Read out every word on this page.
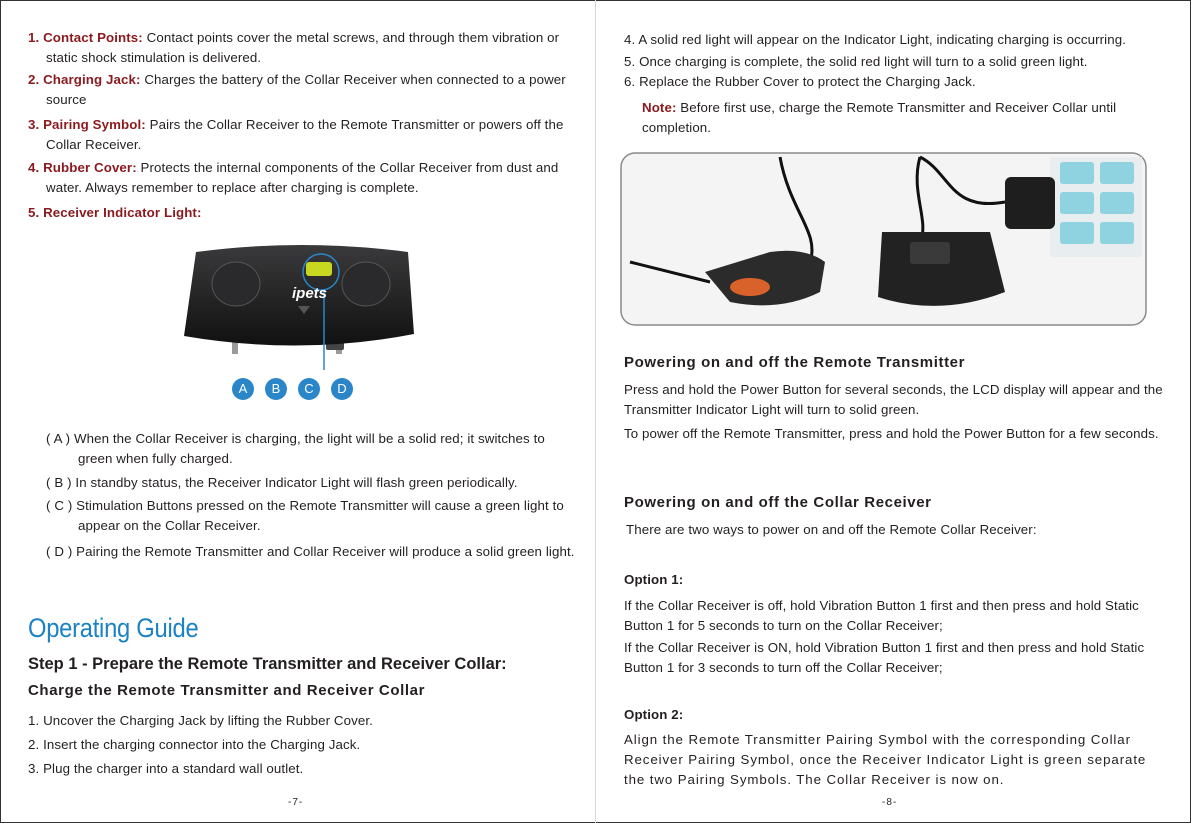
1. Contact Points: Contact points cover the metal screws, and through them vibration or static shock stimulation is delivered.
2. Charging Jack: Charges the battery of the Collar Receiver when connected to a power source
3. Pairing Symbol: Pairs the Collar Receiver to the Remote Transmitter or powers off the Collar Receiver.
4. Rubber Cover: Protects the internal components of the Collar Receiver from dust and water. Always remember to replace after charging is complete.
5. Receiver Indicator Light:
ipets
A B C D
( A ) When the Collar Receiver is charging, the light will be a solid red; it switches to green when fully charged.
( B ) In standby status, the Receiver Indicator Light will flash green periodically.
( C ) Stimulation Buttons pressed on the Remote Transmitter will cause a green light to appear on the Collar Receiver.
( D ) Pairing the Remote Transmitter and Collar Receiver will produce a solid green light.
Operating Guide
Step 1 - Prepare the Remote Transmitter and Receiver Collar:
Charge the Remote Transmitter and Receiver Collar
1. Uncover the Charging Jack by lifting the Rubber Cover.
2. Insert the charging connector into the Charging Jack.
3. Plug the charger into a standard wall outlet.
-7-
4. A solid red light will appear on the Indicator Light, indicating charging is occurring.
5. Once charging is complete, the solid red light will turn to a solid green light.
6. Replace the Rubber Cover to protect the Charging Jack.
Note: Before first use, charge the Remote Transmitter and Receiver Collar until completion.
Powering on and off the Remote Transmitter
Press and hold the Power Button for several seconds, the LCD display will appear and the Transmitter Indicator Light will turn to solid green.
To power off the Remote Transmitter, press and hold the Power Button for a few seconds.
Powering on and off the Collar Receiver
There are two ways to power on and off the Remote Collar Receiver:
Option 1:
If the Collar Receiver is off, hold Vibration Button 1 first and then press and hold Static Button 1 for 5 seconds to turn on the Collar Receiver;
If the Collar Receiver is ON, hold Vibration Button 1 first and then press and hold Static Button 1 for 3 seconds to turn off the Collar Receiver;
Option 2:
Align the Remote Transmitter Pairing Symbol with the corresponding Collar Receiver Pairing Symbol, once the Receiver Indicator Light is green separate the two Pairing Symbols. The Collar Receiver is now on.
-8-
